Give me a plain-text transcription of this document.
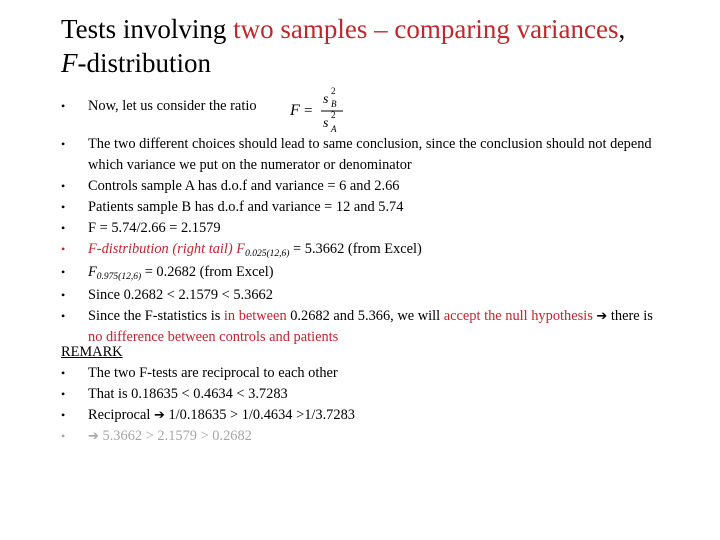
Tests involving two samples – comparing variances,
F-distribution
• Now, let us consider the ratio	F =
s
2
B
s
2
A
• The two different choices should lead to same conclusion, since the conclusion should not depend which variance we put on the numerator or denominator
• Controls sample A has d.o.f and variance = 6 and 2.66
• Patients sample B has d.o.f and variance = 12 and 5.74
• F = 5.74/2.66 = 2.1579
• F-distribution (right tail) $F_{0.025(12,6)} = 5.3662$ (from Excel)
• $F_{0.975(12,6)} = 0.2682$ (from Excel)
• Since 0.2682 < 2.1579 < 5.3662
• Since the F-statistics is in between 0.2682 and 5.366, we will accept the null hypothesis ➔ there is no difference between controls and patients
REMARK
• The two F-tests are reciprocal to each other
• That is 0.18635 < 0.4634 < 3.7283
• Reciprocal ➔ 1/0.18635 > 1/0.4634 >1/3.7283
• ➔ 5.3662 > 2.1579 > 0.2682
